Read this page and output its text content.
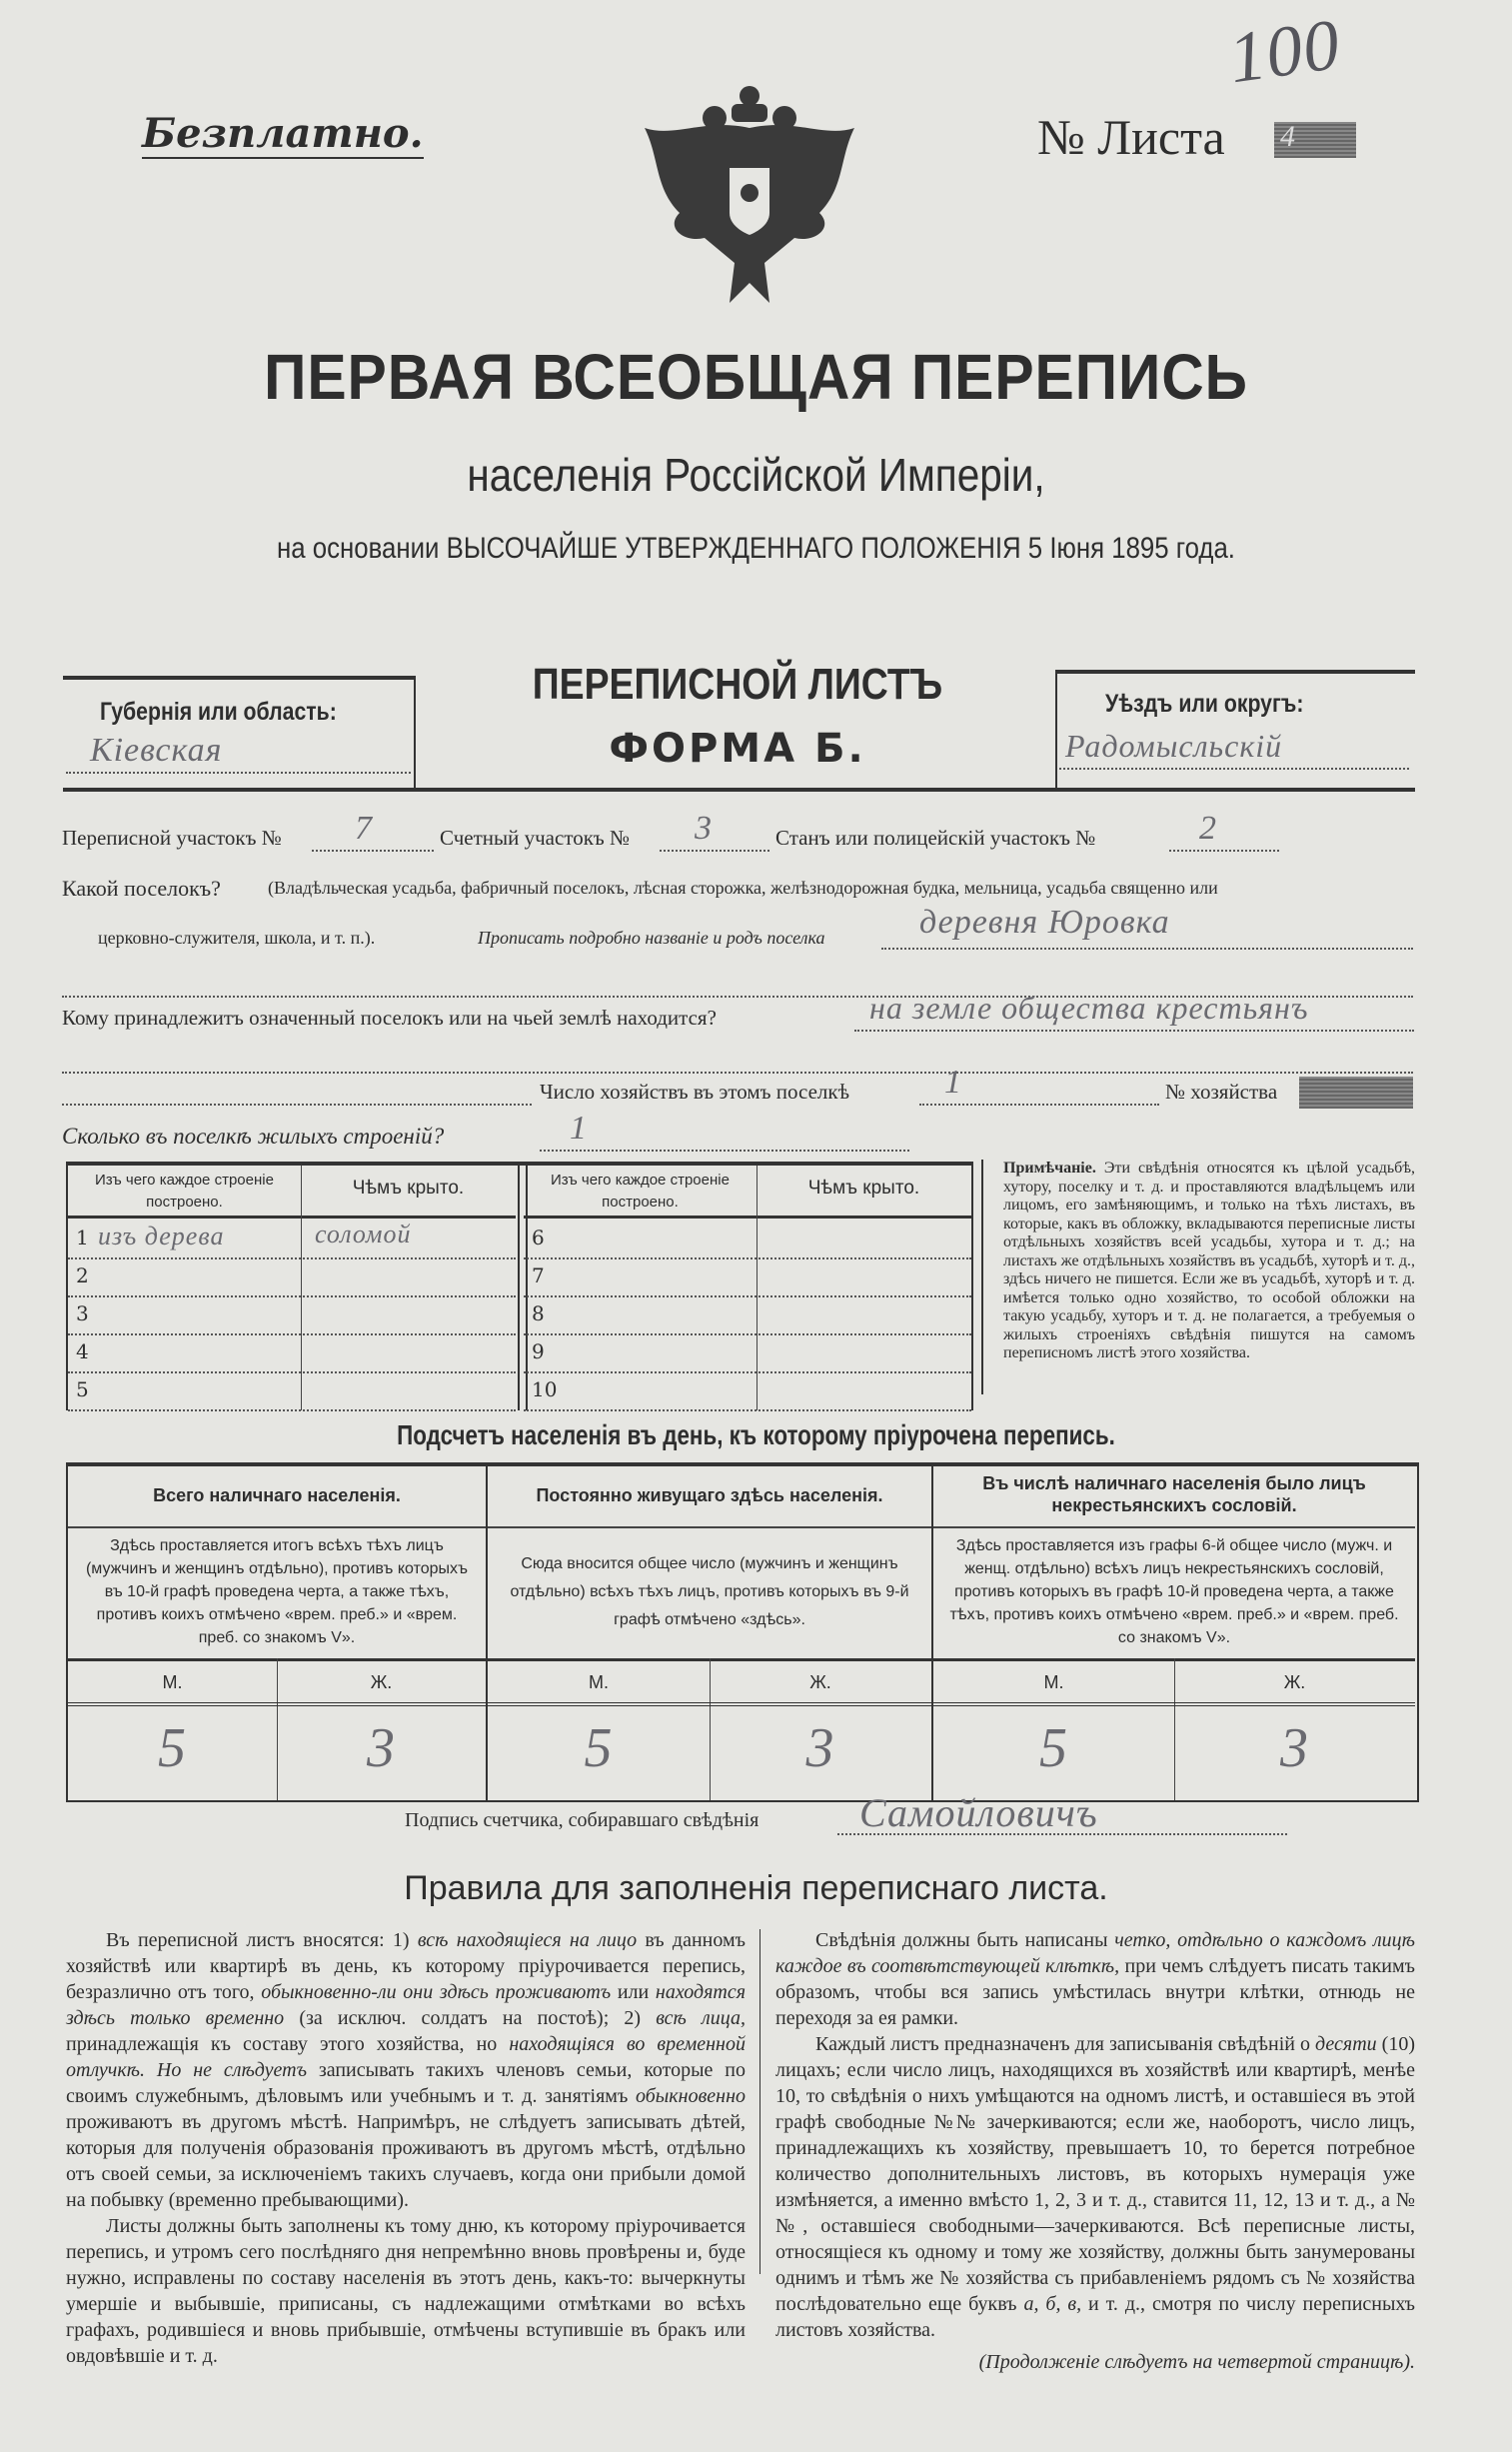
100
Безплатно.	№ Листа 4
ПЕРВАЯ ВСЕОБЩАЯ ПЕРЕПИСЬ
населенія Россійской Имперіи,
на основании ВЫСОЧАЙШЕ УТВЕРЖДЕННАГО ПОЛОЖЕНІЯ 5 Іюня 1895 года.
Губернія или область:
Кіевская
ПЕРЕПИСНОЙ ЛИСТЪ
ФОРМА Б.
Уѣздъ или округъ:
Радомысльскій
Переписной участокъ № 7	Счетный участокъ № 3	Станъ или полицейскій участокъ №	2
Какой поселокъ?	(Владѣльческая усадьба, фабричный поселокъ, лѣсная сторожка, желѣзнодорожная будка, мельница, усадьба священно или
церковно-служителя, школа, и т. п.).	Прописать подробно названіе и родъ поселка	деревня Юровка
Кому принадлежитъ означенный поселокъ или на чьей землѣ находится?	на земле общества крестьянъ
Число хозяйствъ въ этомъ поселкѣ	1	№ хозяйства
Сколько въ поселкѣ жилыхъ строеній?	1
Изъ чего каждое строеніе построено.
Чѣмъ крыто.
1 изъ дерева	соломой
2
3
4
5
Изъ чего каждое строеніе построено.
Чѣмъ крыто.
6
7
8
9
10
Примѣчаніе. Эти свѣдѣнія относятся къ цѣлой усадьбѣ, хутору, поселку и т. д. и проставляются владѣльцемъ или лицомъ, его замѣняющимъ, и только на тѣхъ листахъ, въ которые, какъ въ обложку, вкладываются переписные листы отдѣльныхъ хозяйствъ всей усадьбы, хутора и т. д.; на листахъ же отдѣльныхъ хозяйствъ въ усадьбѣ, хуторѣ и т. д., здѣсь ничего не пишется. Если же въ усадьбѣ, хуторѣ и т. д. имѣется только одно хозяйство, то особой обложки на такую усадьбу, хуторъ и т. д. не полагается, а требуемыя о жилыхъ строеніяхъ свѣдѣнія пишутся на самомъ переписномъ листѣ этого хозяйства.
Подсчетъ населенія въ день, къ которому пріурочена перепись.
Всего наличнаго населенія.
Здѣсь проставляется итогъ всѣхъ тѣхъ лицъ (мужчинъ и женщинъ отдѣльно), противъ которыхъ въ 10-й графѣ проведена черта, а также тѣхъ, противъ коихъ отмѣчено «врем. преб.» и «врем. преб. со знакомъ V».
М.	Ж.
5	3
Постоянно живущаго здѣсь населенія.
Сюда вносится общее число (мужчинъ и женщинъ отдѣльно) всѣхъ тѣхъ лицъ, противъ которыхъ въ 9-й графѣ отмѣчено «здѣсь».
М.	Ж.
5	3
Въ числѣ наличнаго населенія было лицъ некрестьянскихъ сословій.
Здѣсь проставляется изъ графы 6-й общее число (мужч. и женщ. отдѣльно) всѣхъ лицъ некрестьянскихъ сословій, противъ которыхъ въ графѣ 10-й проведена черта, а также тѣхъ, противъ коихъ отмѣчено «врем. преб.» и «врем. преб. со знакомъ V».
М.	Ж.
5	3
Подпись счетчика, собиравшаго свѣдѣнія	Самойловичъ
Правила для заполненія переписнаго листа.

Въ переписной листъ вносятся: 1) всѣ находящіеся на лицо въ данномъ хозяйствѣ или квартирѣ въ день, къ которому пріурочивается перепись, безразлично отъ того, обыкновенно-ли они здѣсь проживаютъ или находятся здѣсь только временно (за исключ. солдатъ на постоѣ); 2) всѣ лица, принадлежащія къ составу этого хозяйства, но находящіяся во временной отлучкѣ. Но не слѣдуетъ записывать такихъ членовъ семьи, которые по своимъ служебнымъ, дѣловымъ или учебнымъ и т. д. занятіямъ обыкновенно проживаютъ въ другомъ мѣстѣ. Напримѣръ, не слѣдуетъ записывать дѣтей, которыя для полученія образованія проживаютъ въ другомъ мѣстѣ, отдѣльно отъ своей семьи, за исключеніемъ такихъ случаевъ, когда они прибыли домой на побывку (временно пребывающими).

Листы должны быть заполнены къ тому дню, къ которому пріурочивается перепись, и утромъ сего послѣдняго дня непремѣнно вновь провѣрены и, буде нужно, исправлены по составу населенія въ этотъ день, какъ-то: вычеркнуты умершіе и выбывшіе, приписаны, съ надлежащими отмѣтками во всѣхъ графахъ, родившіеся и вновь прибывшіе, отмѣчены вступившіе въ бракъ или овдовѣвшіе и т. д.

Свѣдѣнія должны быть написаны четко, отдѣльно о каждомъ лицѣ каждое въ соотвѣтствующей клѣткѣ, при чемъ слѣдуетъ писать такимъ образомъ, чтобы вся запись умѣстилась внутри клѣтки, отнюдь не переходя за ея рамки.

Каждый листъ предназначенъ для записыванія свѣдѣній о десяти (10) лицахъ; если число лицъ, находящихся въ хозяйствѣ или квартирѣ, менѣе 10, то свѣдѣнія о нихъ умѣщаются на одномъ листѣ, и оставшіеся въ этой графѣ свободные №№ зачеркиваются; если же, наоборотъ, число лицъ, принадлежащихъ къ хозяйству, превышаетъ 10, то берется потребное количество дополнительныхъ листовъ, въ которыхъ нумерація уже измѣняется, а именно вмѣсто 1, 2, 3 и т. д., ставится 11, 12, 13 и т. д., а №№, оставшіеся свободными—зачеркиваются. Всѣ переписные листы, относящіеся къ одному и тому же хозяйству, должны быть занумерованы однимъ и тѣмъ же № хозяйства съ прибавленіемъ рядомъ съ № хозяйства послѣдовательно еще буквъ а, б, в, и т. д., смотря по числу переписныхъ листовъ хозяйства.

(Продолженіе слѣдуетъ на четвертой страницѣ).
